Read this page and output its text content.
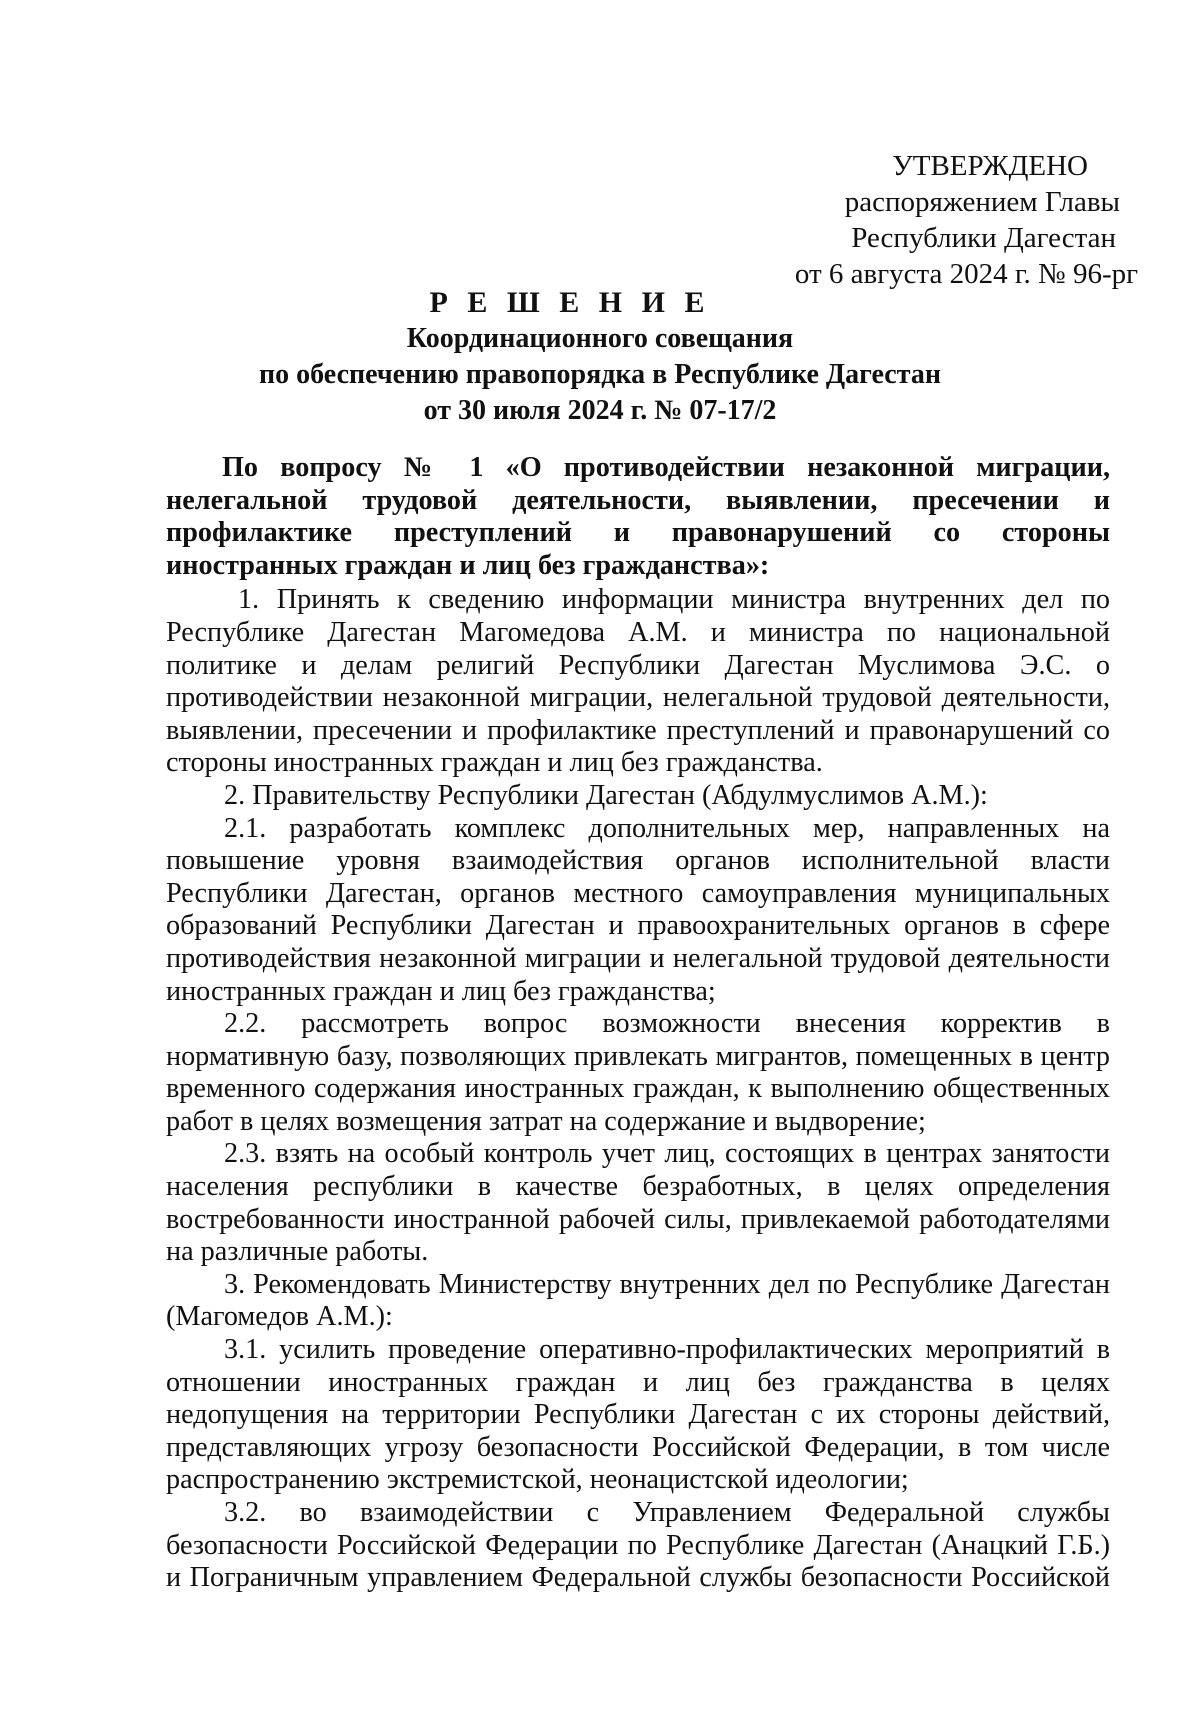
УТВЕРЖДЕНО
распоряжением Главы
Республики Дагестан
от 6 августа 2024 г. № 96-рг
Р Е Ш Е Н И Е
Координационного совещания
по обеспечению правопорядка в Республике Дагестан
от 30 июля 2024 г. № 07-17/2

По вопросу № 1 «О противодействии незаконной миграции, нелегальной трудовой деятельности, выявлении, пресечении и профилактике преступлений и правонарушений со стороны иностранных граждан и лиц без гражданства»:

1. Принять к сведению информации министра внутренних дел по Республике Дагестан Магомедова А.М. и министра по национальной политике и делам религий Республики Дагестан Муслимова Э.С. о противодействии незаконной миграции, нелегальной трудовой деятельности, выявлении, пресечении и профилактике преступлений и правонарушений со стороны иностранных граждан и лиц без гражданства.

2. Правительству Республики Дагестан (Абдулмуслимов А.М.):

2.1. разработать комплекс дополнительных мер, направленных на повышение уровня взаимодействия органов исполнительной власти Республики Дагестан, органов местного самоуправления муниципальных образований Республики Дагестан и правоохранительных органов в сфере противодействия незаконной миграции и нелегальной трудовой деятельности иностранных граждан и лиц без гражданства;

2.2. рассмотреть вопрос возможности внесения корректив в нормативную базу, позволяющих привлекать мигрантов, помещенных в центр временного содержания иностранных граждан, к выполнению общественных работ в целях возмещения затрат на содержание и выдворение;

2.3. взять на особый контроль учет лиц, состоящих в центрах занятости населения республики в качестве безработных, в целях определения востребованности иностранной рабочей силы, привлекаемой работодателями на различные работы.

3. Рекомендовать Министерству внутренних дел по Республике Дагестан (Магомедов А.М.):

3.1. усилить проведение оперативно-профилактических мероприятий в отношении иностранных граждан и лиц без гражданства в целях недопущения на территории Республики Дагестан с их стороны действий, представляющих угрозу безопасности Российской Федерации, в том числе распространению экстремистской, неонацистской идеологии;

3.2. во взаимодействии с Управлением Федеральной службы безопасности Российской Федерации по Республике Дагестан (Анацкий Г.Б.) и Пограничным управлением Федеральной службы безопасности Российской
